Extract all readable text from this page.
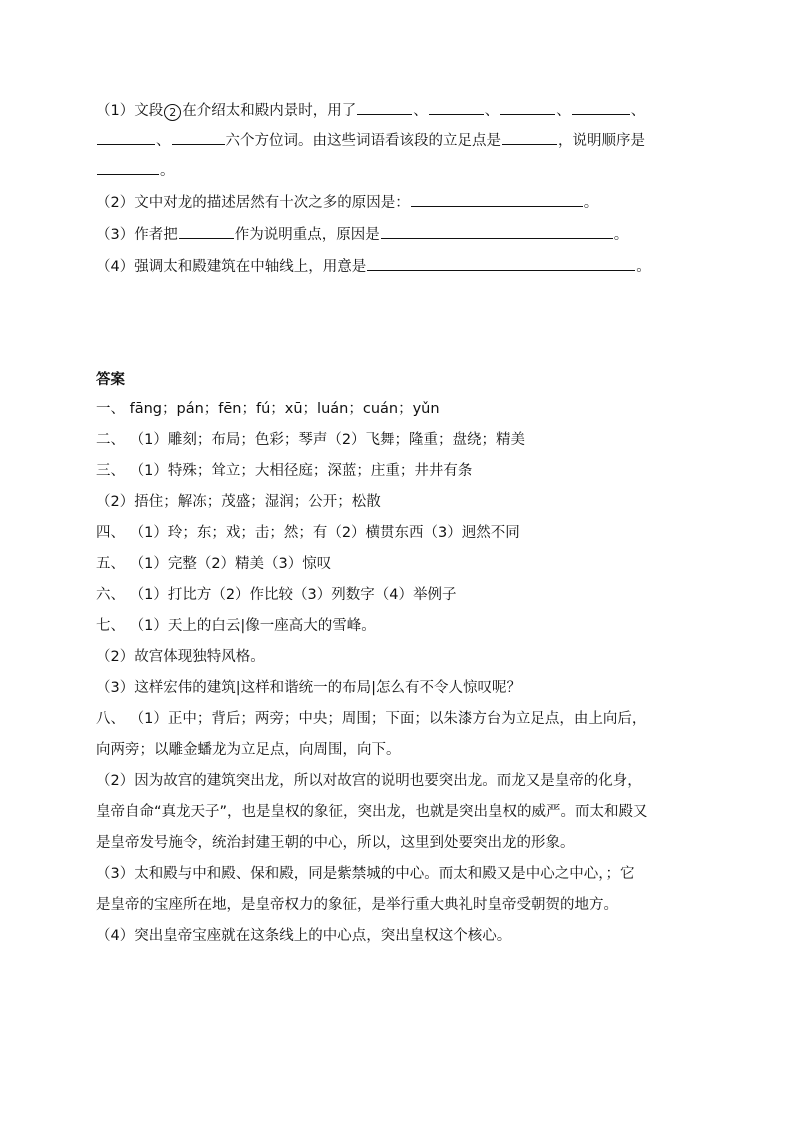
（1）文段 2 在介绍太和殿内景时，用了	、	、	、	、
、	六个方位词。由这些词语看该段的立足点是	，说明顺序是
。
（2）文中对龙的描述居然有十次之多的原因是：	。
（3）作者把	作为说明重点，原因是	。
（4）强调太和殿建筑在中轴线上，用意是	。
答案
一、 fāng；pán；fēn；fú；xū；luán；cuán；yǔn
二、 （1）雕刻；布局；色彩；琴声（2）飞舞；隆重；盘绕；精美
三、 （1）特殊；耸立；大相径庭；深蓝；庄重；井井有条
（2）捂住；解冻；茂盛；湿润；公开；松散
四、 （1）玲；东；戏；击；然；有（2）横贯东西（3）迥然不同
五、 （1）完整（2）精美（3）惊叹
六、 （1）打比方（2）作比较（3）列数字（4）举例子
七、 （1）天上的白云|像一座高大的雪峰。
（2）故宫体现独特风格。
（3）这样宏伟的建筑|这样和谐统一的布局|怎么有不令人惊叹呢？
八、 （1）正中；背后；两旁；中央；周围；下面；以朱漆方台为立足点，由上向后，
向两旁；以雕金蟠龙为立足点，向周围，向下。
（2）因为故宫的建筑突出龙，所以对故宫的说明也要突出龙。而龙又是皇帝的化身，
皇帝自命“真龙天子”，也是皇权的象征，突出龙，也就是突出皇权的威严。而太和殿又
是皇帝发号施令，统治封建王朝的中心，所以，这里到处要突出龙的形象。
（3）太和殿与中和殿、保和殿，同是紫禁城的中心。而太和殿又是中心之中心，；它
是皇帝的宝座所在地，是皇帝权力的象征，是举行重大典礼时皇帝受朝贺的地方。
（4）突出皇帝宝座就在这条线上的中心点，突出皇权这个核心。
